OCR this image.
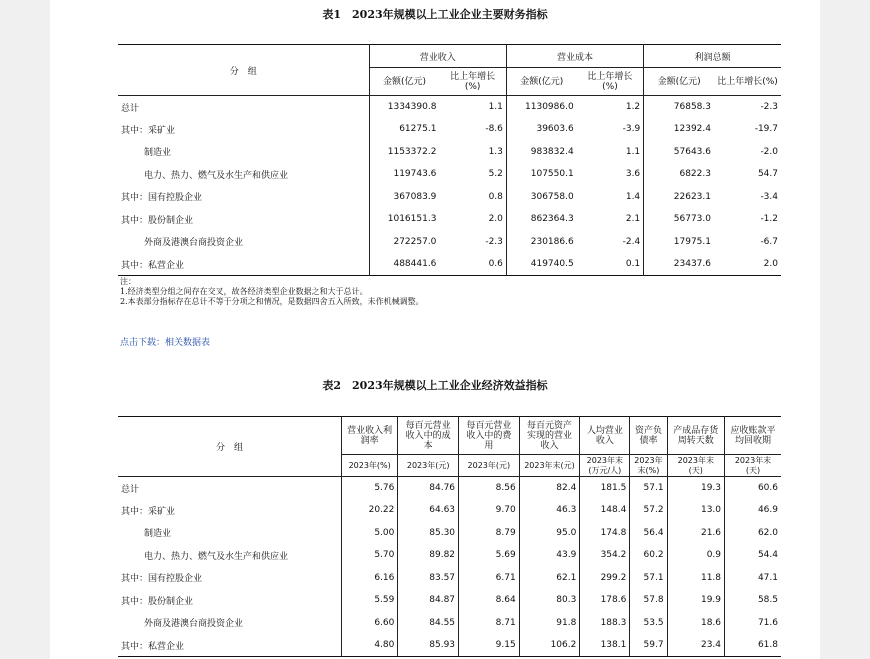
表1　2023年规模以上工业企业主要财务指标
分　组	营业收入		营业成本		利润总额	
	金额(亿元)	比上年增长(%)	金额(亿元)	比上年增长(%)	金额(亿元)	比上年增长(%)
总计	1334390.8	1.1	1130986.0	1.2	76858.3	-2.3
其中：采矿业	61275.1	-8.6	39603.6	-3.9	12392.4	-19.7
制造业	1153372.2	1.3	983832.4	1.1	57643.6	-2.0
电力、热力、燃气及水生产和供应业	119743.6	5.2	107550.1	3.6	6822.3	54.7
其中：国有控股企业	367083.9	0.8	306758.0	1.4	22623.1	-3.4
其中：股份制企业	1016151.3	2.0	862364.3	2.1	56773.0	-1.2
外商及港澳台商投资企业	272257.0	-2.3	230186.6	-2.4	17975.1	-6.7
其中：私营企业	488441.6	0.6	419740.5	0.1	23437.6	2.0
注：
1.经济类型分组之间存在交叉，故各经济类型企业数据之和大于总计。
2.本表部分指标存在总计不等于分项之和情况，是数据四舍五入所致，未作机械调整。
点击下载：相关数据表
表2　2023年规模以上工业企业经济效益指标
分　组	营业收入利润率	每百元营业收入中的成本	每百元营业收入中的费用	每百元资产实现的营业收入	人均营业收入	资产负债率	产成品存货周转天数	应收账款平均回收期
	2023年(%)	2023年(元)	2023年(元)	2023年末(元)	2023年末(万元/人)	2023年末(%)	2023年末(天)	2023年末(天)
总计	5.76	84.76	8.56	82.4	181.5	57.1	19.3	60.6
其中：采矿业	20.22	64.63	9.70	46.3	148.4	57.2	13.0	46.9
制造业	5.00	85.30	8.79	95.0	174.8	56.4	21.6	62.0
电力、热力、燃气及水生产和供应业	5.70	89.82	5.69	43.9	354.2	60.2	0.9	54.4
其中：国有控股企业	6.16	83.57	6.71	62.1	299.2	57.1	11.8	47.1
其中：股份制企业	5.59	84.87	8.64	80.3	178.6	57.8	19.9	58.5
外商及港澳台商投资企业	6.60	84.55	8.71	91.8	188.3	53.5	18.6	71.6
其中：私营企业	4.80	85.93	9.15	106.2	138.1	59.7	23.4	61.8
